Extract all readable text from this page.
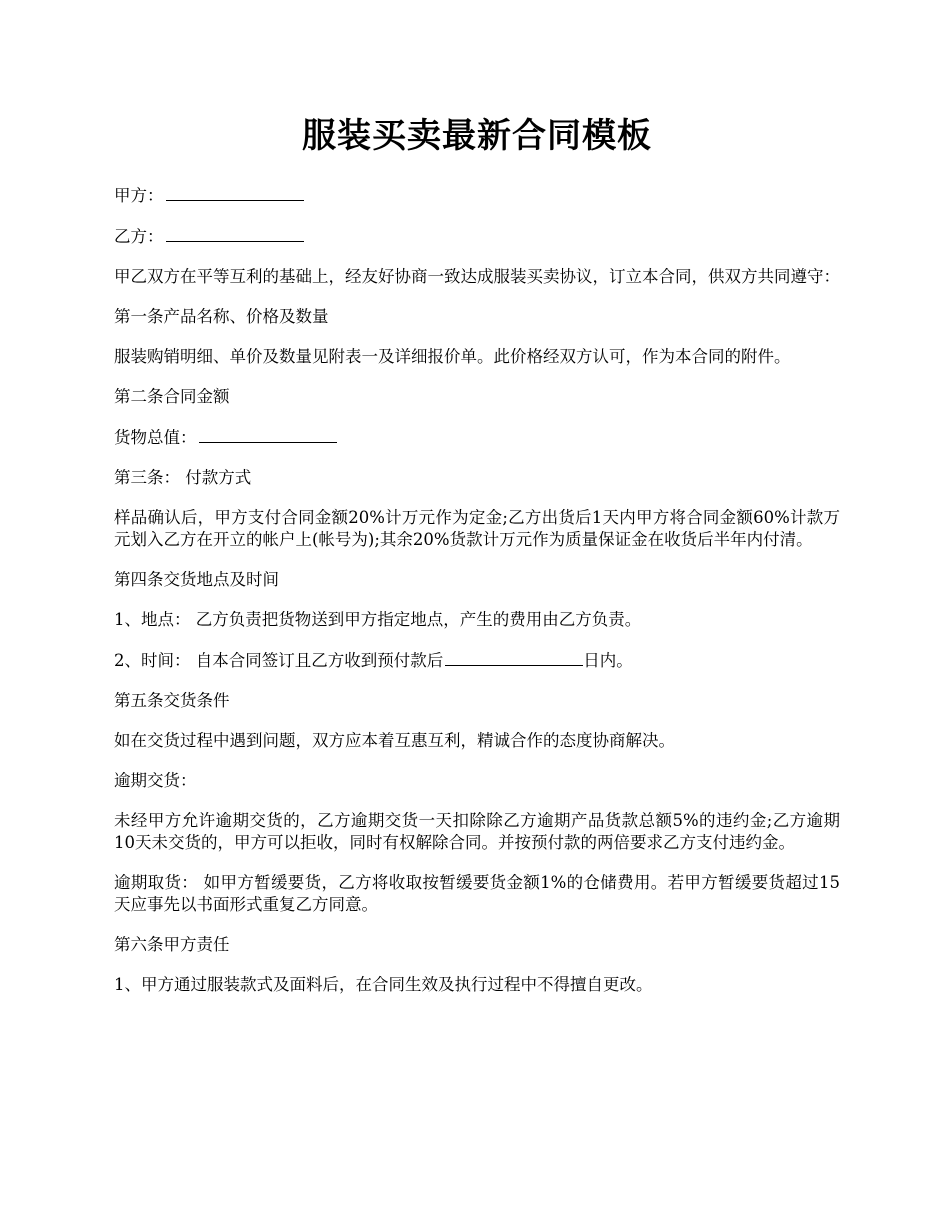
服装买卖最新合同模板

甲方：

乙方：

甲乙双方在平等互利的基础上，经友好协商一致达成服装买卖协议，订立本合同，供双方共同遵守：

第一条产品名称、价格及数量

服装购销明细、单价及数量见附表一及详细报价单。此价格经双方认可，作为本合同的附件。

第二条合同金额

货物总值：

第三条： 付款方式

样品确认后，甲方支付合同金额20%计万元作为定金;乙方出货后1天内甲方将合同金额60%计款万元划入乙方在开立的帐户上(帐号为);其余20%货款计万元作为质量保证金在收货后半年内付清。

第四条交货地点及时间

1、地点： 乙方负责把货物送到甲方指定地点，产生的费用由乙方负责。

2、时间： 自本合同签订且乙方收到预付款后	日内。

第五条交货条件

如在交货过程中遇到问题，双方应本着互惠互利，精诚合作的态度协商解决。

逾期交货：

未经甲方允许逾期交货的，乙方逾期交货一天扣除除乙方逾期产品货款总额5%的违约金;乙方逾期10天未交货的，甲方可以拒收，同时有权解除合同。并按预付款的两倍要求乙方支付违约金。

逾期取货： 如甲方暂缓要货，乙方将收取按暂缓要货金额1%的仓储费用。若甲方暂缓要货超过15天应事先以书面形式重复乙方同意。

第六条甲方责任

1、甲方通过服装款式及面料后，在合同生效及执行过程中不得擅自更改。
